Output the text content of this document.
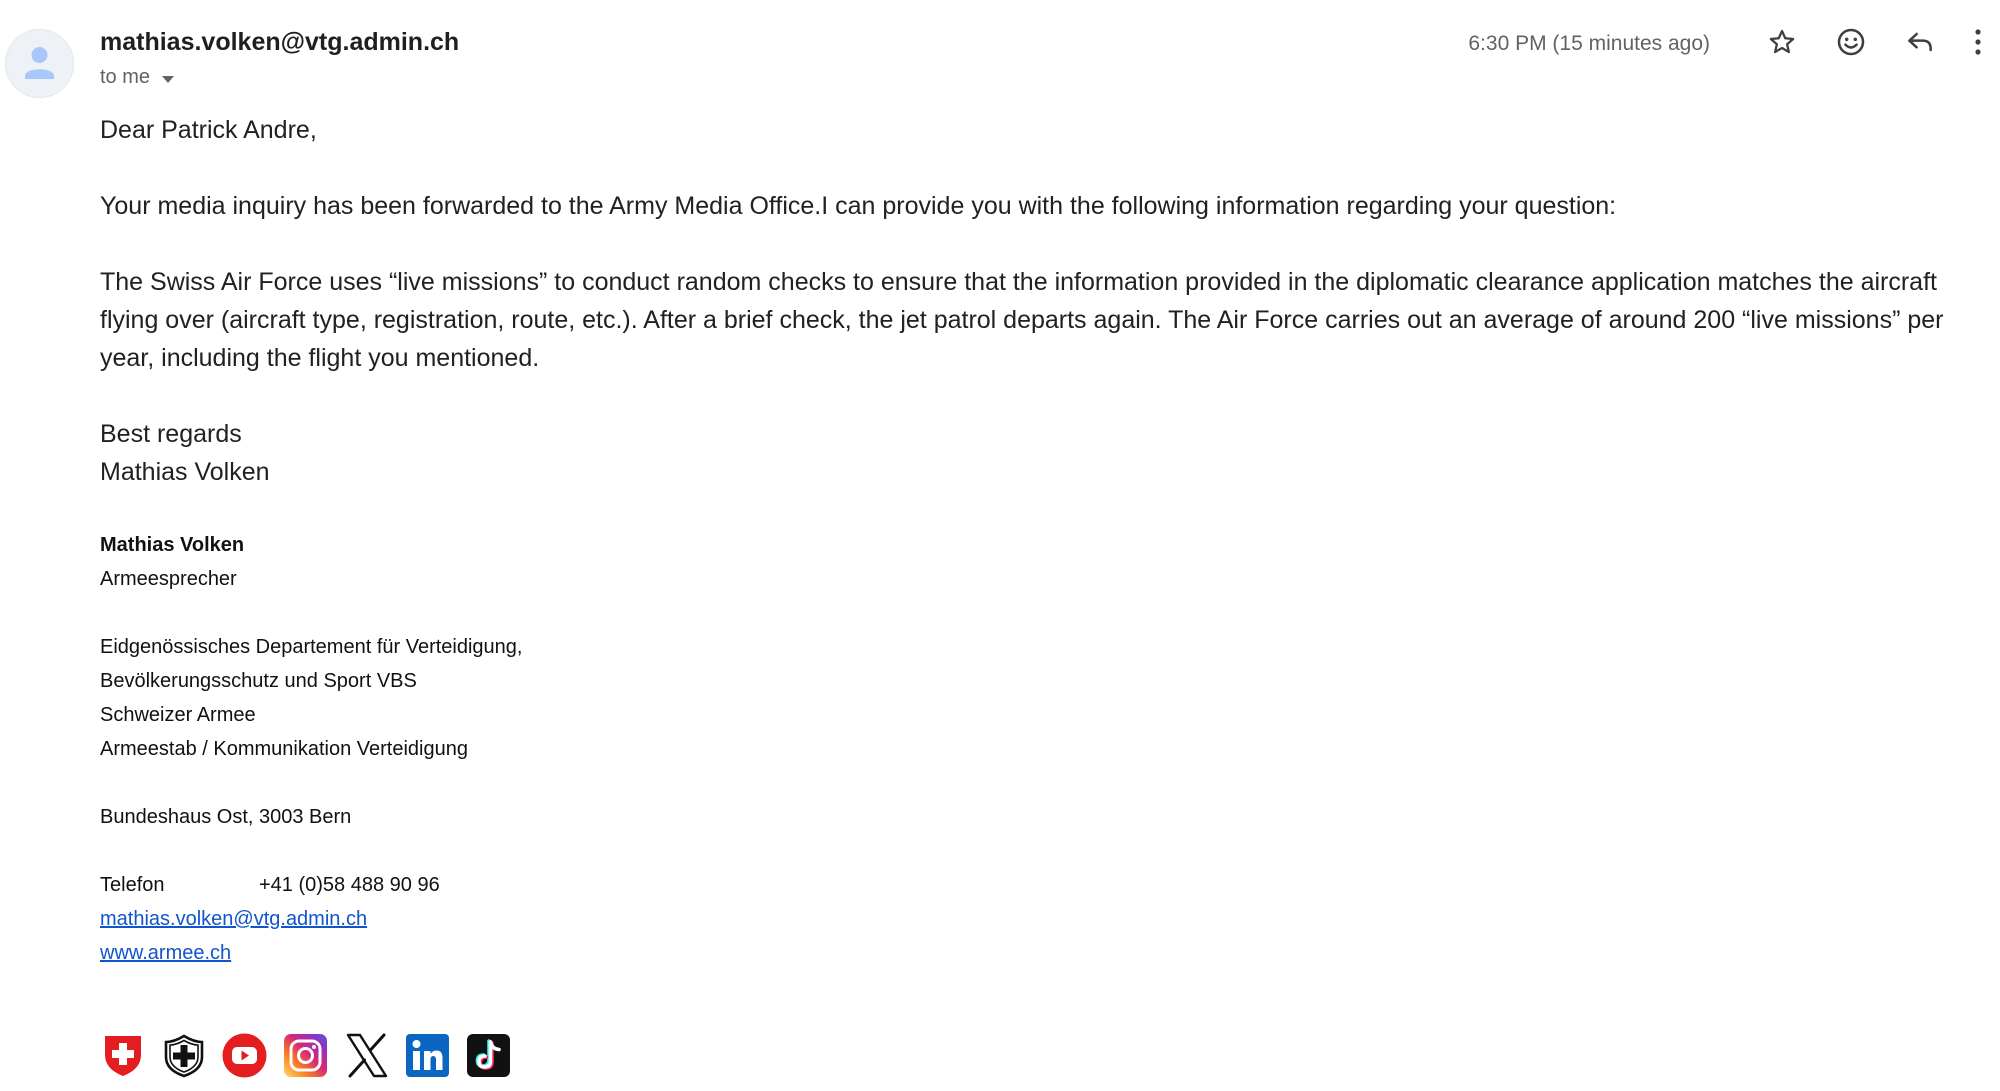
mathias.volken@vtg.admin.ch
to me
6:30 PM (15 minutes ago)

Dear Patrick Andre,

Your media inquiry has been forwarded to the Army Media Office.I can provide you with the following information regarding your question:

The Swiss Air Force uses “live missions” to conduct random checks to ensure that the information provided in the diplomatic clearance application matches the aircraft flying over (aircraft type, registration, route, etc.). After a brief check, the jet patrol departs again. The Air Force carries out an average of around 200 “live missions” per year, including the flight you mentioned.

Best regards

Mathias Volken

Mathias Volken
Armeesprecher

Eidgenössisches Departement für Verteidigung,
Bevölkerungsschutz und Sport VBS
Schweizer Armee
Armeestab / Kommunikation Verteidigung

Bundeshaus Ost, 3003 Bern

Telefon	+41 (0)58 488 90 96
mathias.volken@vtg.admin.ch
www.armee.ch
